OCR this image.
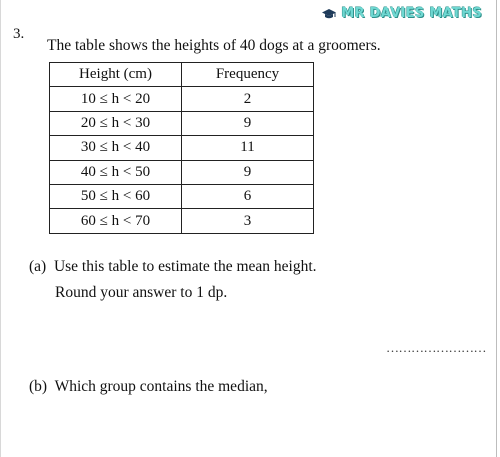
MR DAVIES MATHS
3.
The table shows the heights of 40 dogs at a groomers.
Height (cm)	Frequency
10 ≤ h < 20	2
20 ≤ h < 30	9
30 ≤ h < 40	11
40 ≤ h < 50	9
50 ≤ h < 60	6
60 ≤ h < 70	3
(a) Use this table to estimate the mean height.
Round your answer to 1 dp.
……………………
(b) Which group contains the median,
